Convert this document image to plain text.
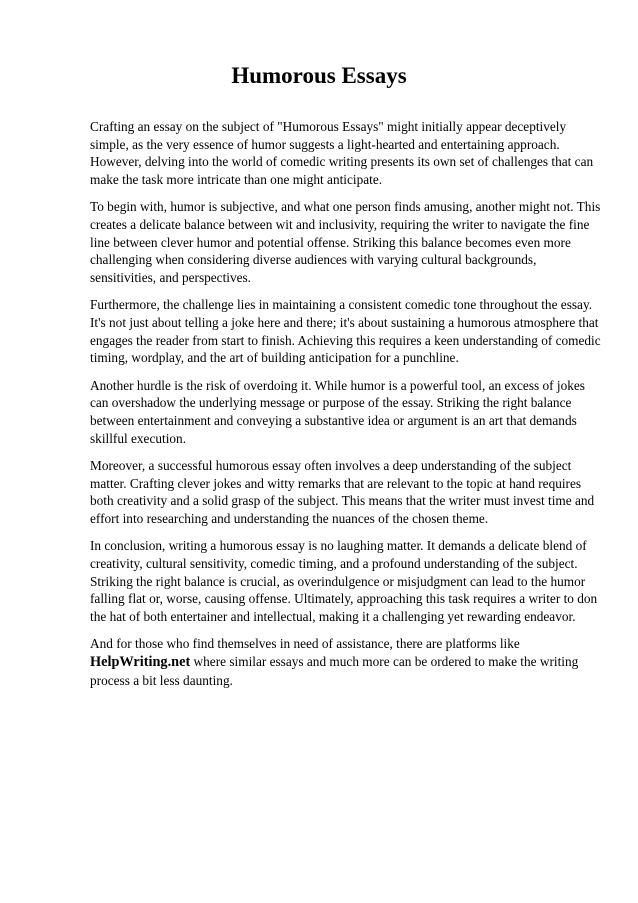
Humorous Essays

Crafting an essay on the subject of "Humorous Essays" might initially appear deceptively simple, as the very essence of humor suggests a light-hearted and entertaining approach. However, delving into the world of comedic writing presents its own set of challenges that can make the task more intricate than one might anticipate.

To begin with, humor is subjective, and what one person finds amusing, another might not. This creates a delicate balance between wit and inclusivity, requiring the writer to navigate the fine line between clever humor and potential offense. Striking this balance becomes even more challenging when considering diverse audiences with varying cultural backgrounds, sensitivities, and perspectives.

Furthermore, the challenge lies in maintaining a consistent comedic tone throughout the essay. It's not just about telling a joke here and there; it's about sustaining a humorous atmosphere that engages the reader from start to finish. Achieving this requires a keen understanding of comedic timing, wordplay, and the art of building anticipation for a punchline.

Another hurdle is the risk of overdoing it. While humor is a powerful tool, an excess of jokes can overshadow the underlying message or purpose of the essay. Striking the right balance between entertainment and conveying a substantive idea or argument is an art that demands skillful execution.

Moreover, a successful humorous essay often involves a deep understanding of the subject matter. Crafting clever jokes and witty remarks that are relevant to the topic at hand requires both creativity and a solid grasp of the subject. This means that the writer must invest time and effort into researching and understanding the nuances of the chosen theme.

In conclusion, writing a humorous essay is no laughing matter. It demands a delicate blend of creativity, cultural sensitivity, comedic timing, and a profound understanding of the subject. Striking the right balance is crucial, as overindulgence or misjudgment can lead to the humor falling flat or, worse, causing offense. Ultimately, approaching this task requires a writer to don the hat of both entertainer and intellectual, making it a challenging yet rewarding endeavor.

And for those who find themselves in need of assistance, there are platforms like
HelpWriting.net where similar essays and much more can be ordered to make the writing process a bit less daunting.
